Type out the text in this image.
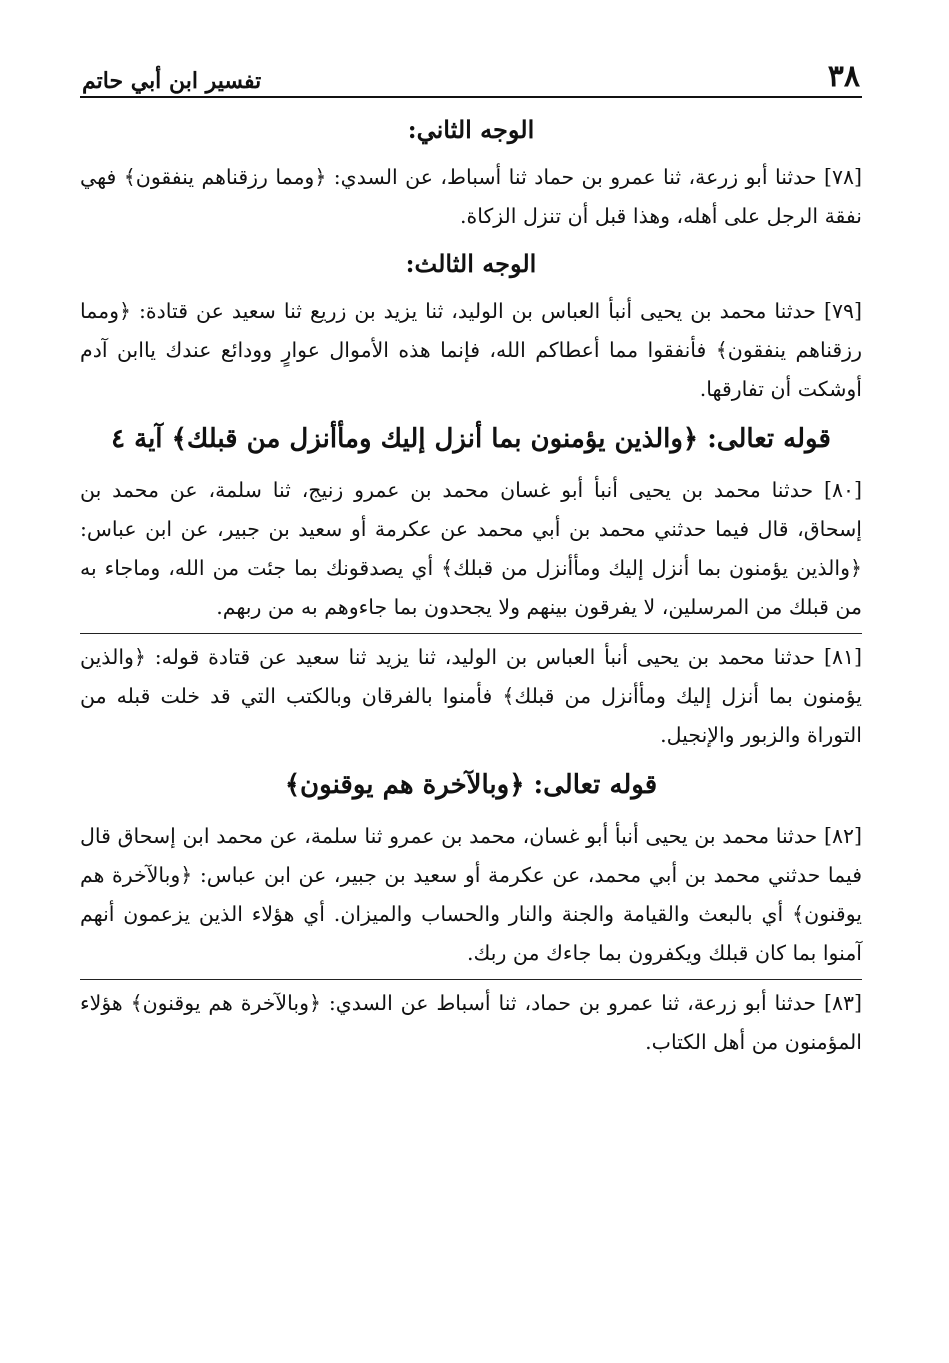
٣٨
تفسير ابن أبي حاتم
الوجه الثاني:

[٧٨] حدثنا أبو زرعة، ثنا عمرو بن حماد ثنا أسباط، عن السدي: ﴿ومما رزقناهم ينفقون﴾ فهي نفقة الرجل على أهله، وهذا قبل أن تنزل الزكاة.

الوجه الثالث:

[٧٩] حدثنا محمد بن يحيى أنبأ العباس بن الوليد، ثنا يزيد بن زريع ثنا سعيد عن قتادة: ﴿ومما رزقناهم ينفقون﴾ فأنفقوا مما أعطاكم الله، فإنما هذه الأموال عوارٍ وودائع عندك ياابن آدم أوشكت أن تفارقها.

قوله تعالى: ﴿والذين يؤمنون بما أنزل إليك ومأأنزل من قبلك﴾ آية ٤

[٨٠] حدثنا محمد بن يحيى أنبأ أبو غسان محمد بن عمرو زنيج، ثنا سلمة، عن محمد بن إسحاق، قال فيما حدثني محمد بن أبي محمد عن عكرمة أو سعيد بن جبير، عن ابن عباس: ﴿والذين يؤمنون بما أنزل إليك ومأأنزل من قبلك﴾ أي يصدقونك بما جئت من الله، وماجاء به من قبلك من المرسلين، لا يفرقون بينهم ولا يجحدون بما جاءوهم به من ربهم.

[٨١] حدثنا محمد بن يحيى أنبأ العباس بن الوليد، ثنا يزيد ثنا سعيد عن قتادة قوله: ﴿والذين يؤمنون بما أنزل إليك ومأأنزل من قبلك﴾ فأمنوا بالفرقان وبالكتب التي قد خلت قبله من التوراة والزبور والإنجيل.

قوله تعالى: ﴿وبالآخرة هم يوقنون﴾

[٨٢] حدثنا محمد بن يحيى أنبأ أبو غسان، محمد بن عمرو ثنا سلمة، عن محمد ابن إسحاق قال فيما حدثني محمد بن أبي محمد، عن عكرمة أو سعيد بن جبير، عن ابن عباس: ﴿وبالآخرة هم يوقنون﴾ أي بالبعث والقيامة والجنة والنار والحساب والميزان. أي هؤلاء الذين يزعمون أنهم آمنوا بما كان قبلك ويكفرون بما جاءك من ربك.

[٨٣] حدثنا أبو زرعة، ثنا عمرو بن حماد، ثنا أسباط عن السدي: ﴿وبالآخرة هم يوقنون﴾ هؤلاء المؤمنون من أهل الكتاب.
